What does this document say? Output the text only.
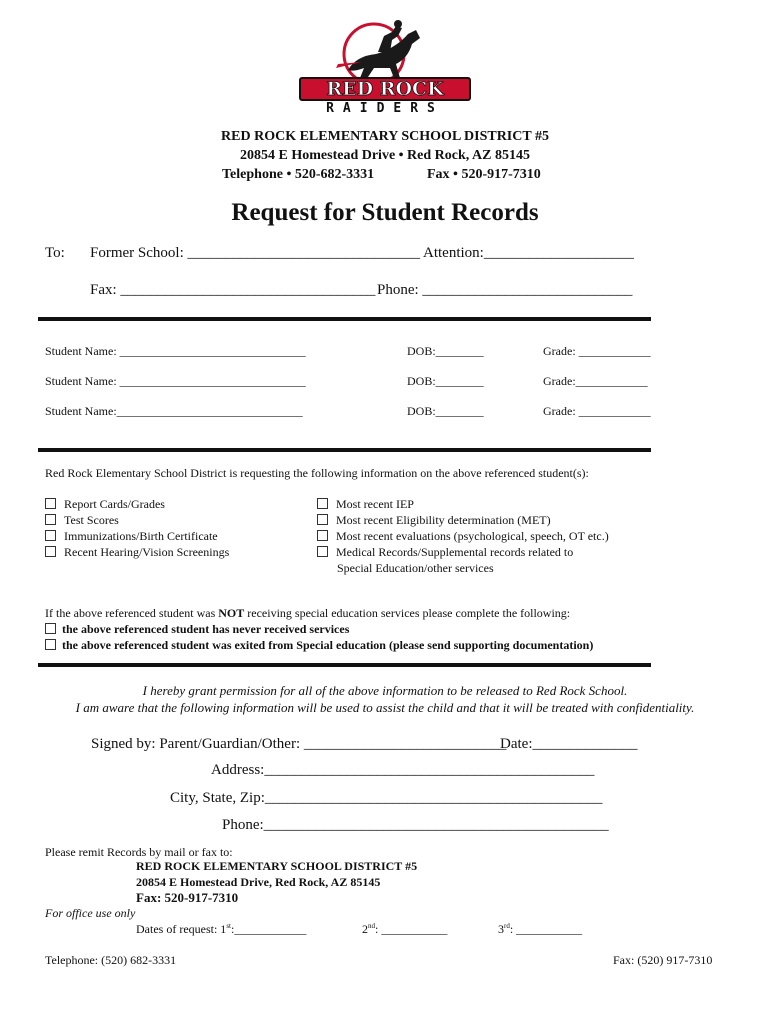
RED ROCK
RAIDERS
RED ROCK ELEMENTARY SCHOOL DISTRICT #5
20854 E Homestead Drive • Red Rock, AZ 85145
Telephone • 520-682-3331	Fax • 520-917-7310
Request for Student Records
To: Former School: _______________________________ Attention:____________________
Fax: __________________________________ Phone: ____________________________
Student Name: _______________________________	DOB:________	Grade: ____________
Student Name: _______________________________	DOB:________	Grade:____________
Student Name:_______________________________	DOB:________	Grade: ____________
Red Rock Elementary School District is requesting the following information on the above referenced student(s):
Report Cards/Grades
Test Scores
Immunizations/Birth Certificate
Recent Hearing/Vision Screenings
Most recent IEP
Most recent Eligibility determination (MET)
Most recent evaluations (psychological, speech, OT etc.)
Medical Records/Supplemental records related to
Special Education/other services
If the above referenced student was NOT receiving special education services please complete the following:
the above referenced student has never received services
the above referenced student was exited from Special education (please send supporting documentation)
I hereby grant permission for all of the above information to be released to Red Rock School.
I am aware that the following information will be used to assist the child and that it will be treated with confidentiality.
Signed by: Parent/Guardian/Other: ___________________________
Date:______________
Address:____________________________________________
City, State, Zip:_____________________________________________
Phone:______________________________________________
Please remit Records by mail or fax to:
RED ROCK ELEMENTARY SCHOOL DISTRICT #5
20854 E Homestead Drive, Red Rock, AZ 85145
Fax: 520-917-7310
For office use only
Dates of request: 1st:____________	2nd: ___________	3rd: ___________
Telephone: (520) 682-3331	Fax: (520) 917-7310
